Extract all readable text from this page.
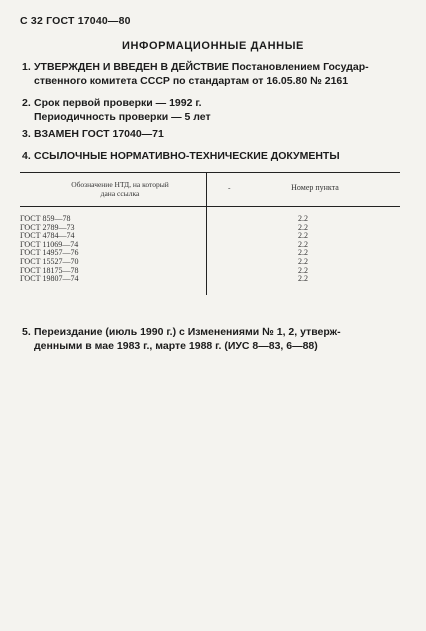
С 32 ГОСТ 17040—80
ИНФОРМАЦИОННЫЕ ДАННЫЕ
1. УТВЕРЖДЕН И ВВЕДЕН В ДЕЙСТВИЕ Постановлением Государ-
ственного комитета СССР по стандартам от 16.05.80 № 2161
2. Срок первой проверки — 1992 г.
Периодичность проверки — 5 лет
3. ВЗАМЕН ГОСТ 17040—71
4. ССЫЛОЧНЫЕ НОРМАТИВНО-ТЕХНИЧЕСКИЕ ДОКУМЕНТЫ
Обозначение НТД, на который
дана ссылка
-	Номер пункта
ГОСТ 859—78	2.2
ГОСТ 2789—73	2.2
ГОСТ 4784—74	2.2
ГОСТ 11069—74	2.2
ГОСТ 14957—76	2.2
ГОСТ 15527—70	2.2
ГОСТ 18175—78	2.2
ГОСТ 19807—74	2.2
5. Переиздание (июль 1990 г.) с Изменениями № 1, 2, утверж-
денными в мае 1983 г., марте 1988 г. (ИУС 8—83, 6—88)
